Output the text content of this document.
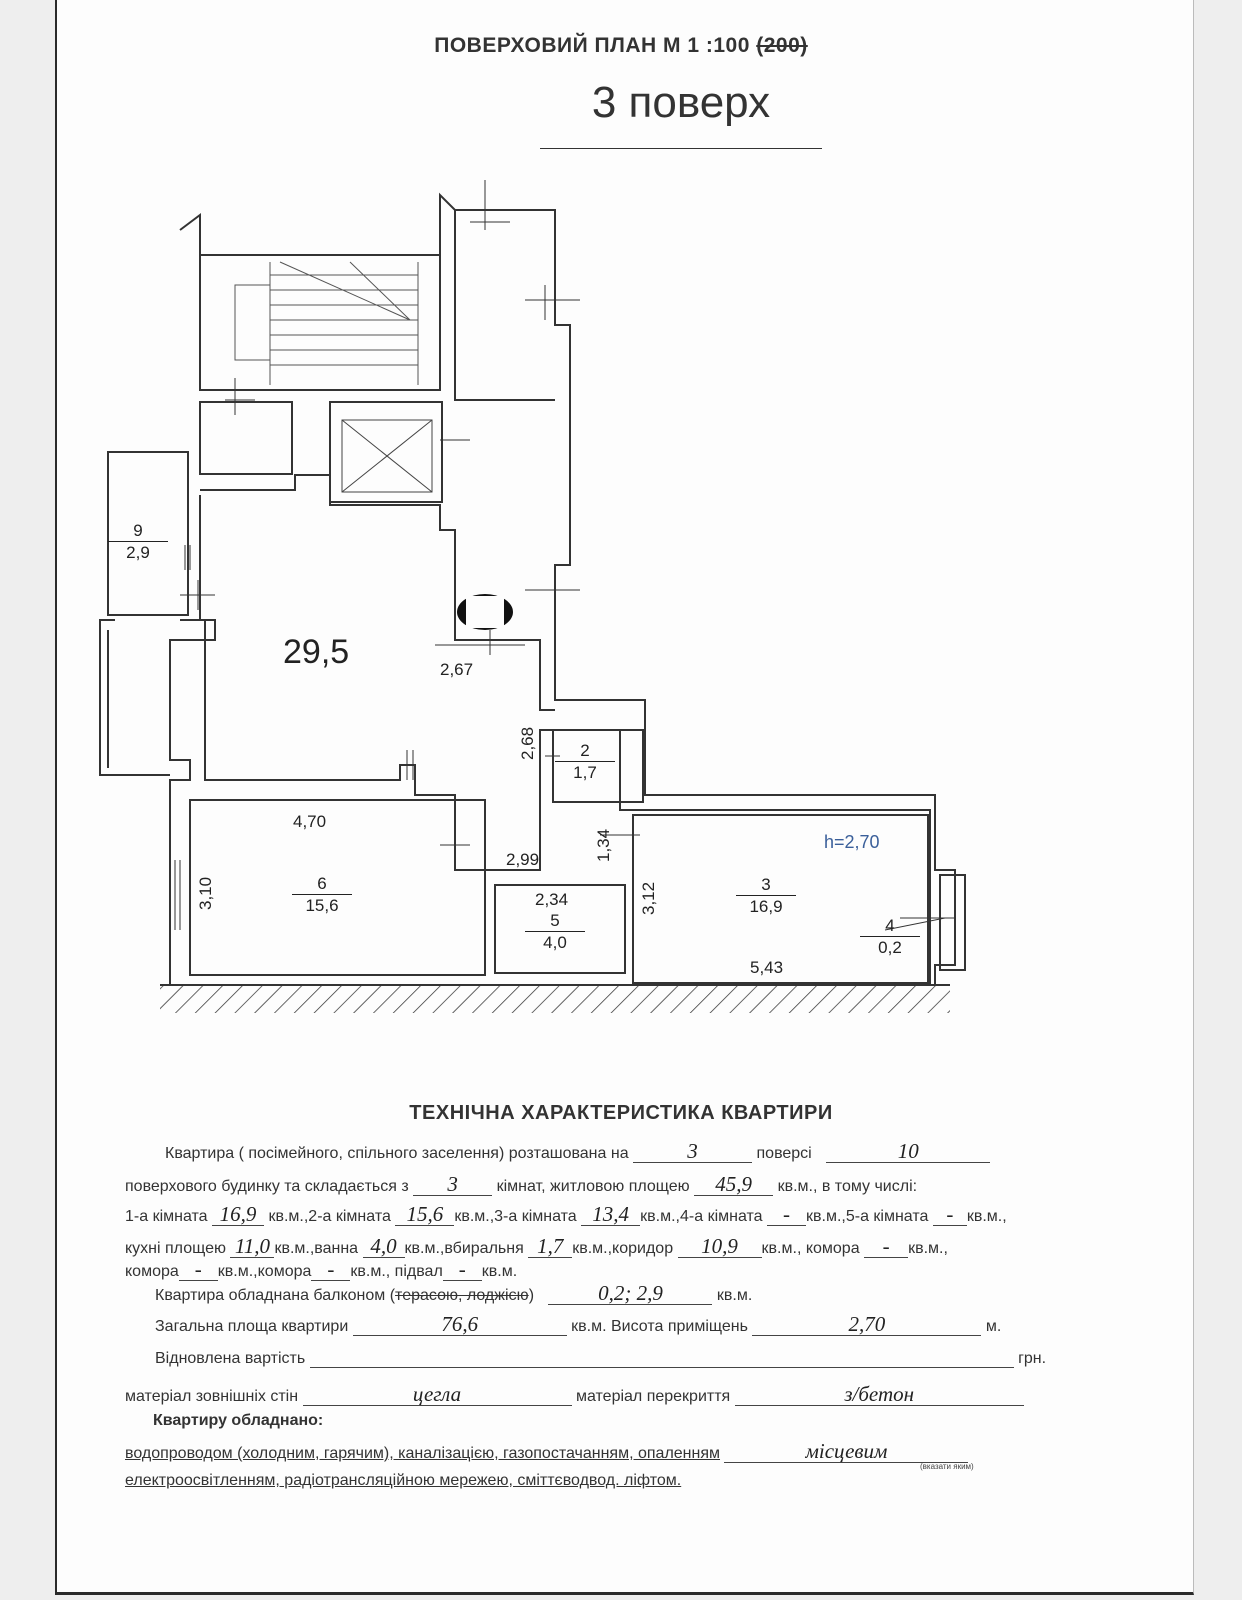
ПОВЕРХОВИЙ ПЛАН М 1 :100 (200)
3 поверх
29,5
h=2,70
$\frac{9}{2,9}$
$\frac{2}{1,7}$
$\frac{6}{15,6}$
$\frac{5}{4,0}$
$\frac{3}{16,9}$
$\frac{4}{0,2}$
2,67
2,68
4,70
2,99	1,34
3,10	2,34	3,12
5,43
ТЕХНІЧНА ХАРАКТЕРИСТИКА КВАРТИРИ
Квартира ( посімейного, спільного заселення) розташована на	3	поверсі	10
поверхового будинку та складається з 3 кімнат, житловою площею 45,9 кв.м., в тому числі:
1-а кімната 16,9 кв.м.,2-а кімната 15,6 кв.м.,3-а кімната 13,4 кв.м.,4-а кімната - кв.м.,5-а кімната - кв.м.,
кухні площею 11,0 кв.м.,ванна 4,0 кв.м.,вбиральня 1,7 кв.м.,коридор 10,9 кв.м., комора - кв.м.,
комора - кв.м.,комора - кв.м., підвал - кв.м.
Квартира обладнана балконом (терасою, лоджією)	0,2; 2,9	кв.м.
Загальна площа квартири	76,6	кв.м. Висота приміщень	2,70	м.
Відновлена вартість	грн.
матеріал зовнішніх стін	цегла	матеріал перекриття	з/бетон
Квартиру обладнано:
водопроводом (холодним, гарячим), каналізацією, газопостачанням, опаленням	місцевим
(вказати яким)
електроосвітленням, радіотрансляційною мережею, сміттєводвод. ліфтом.
